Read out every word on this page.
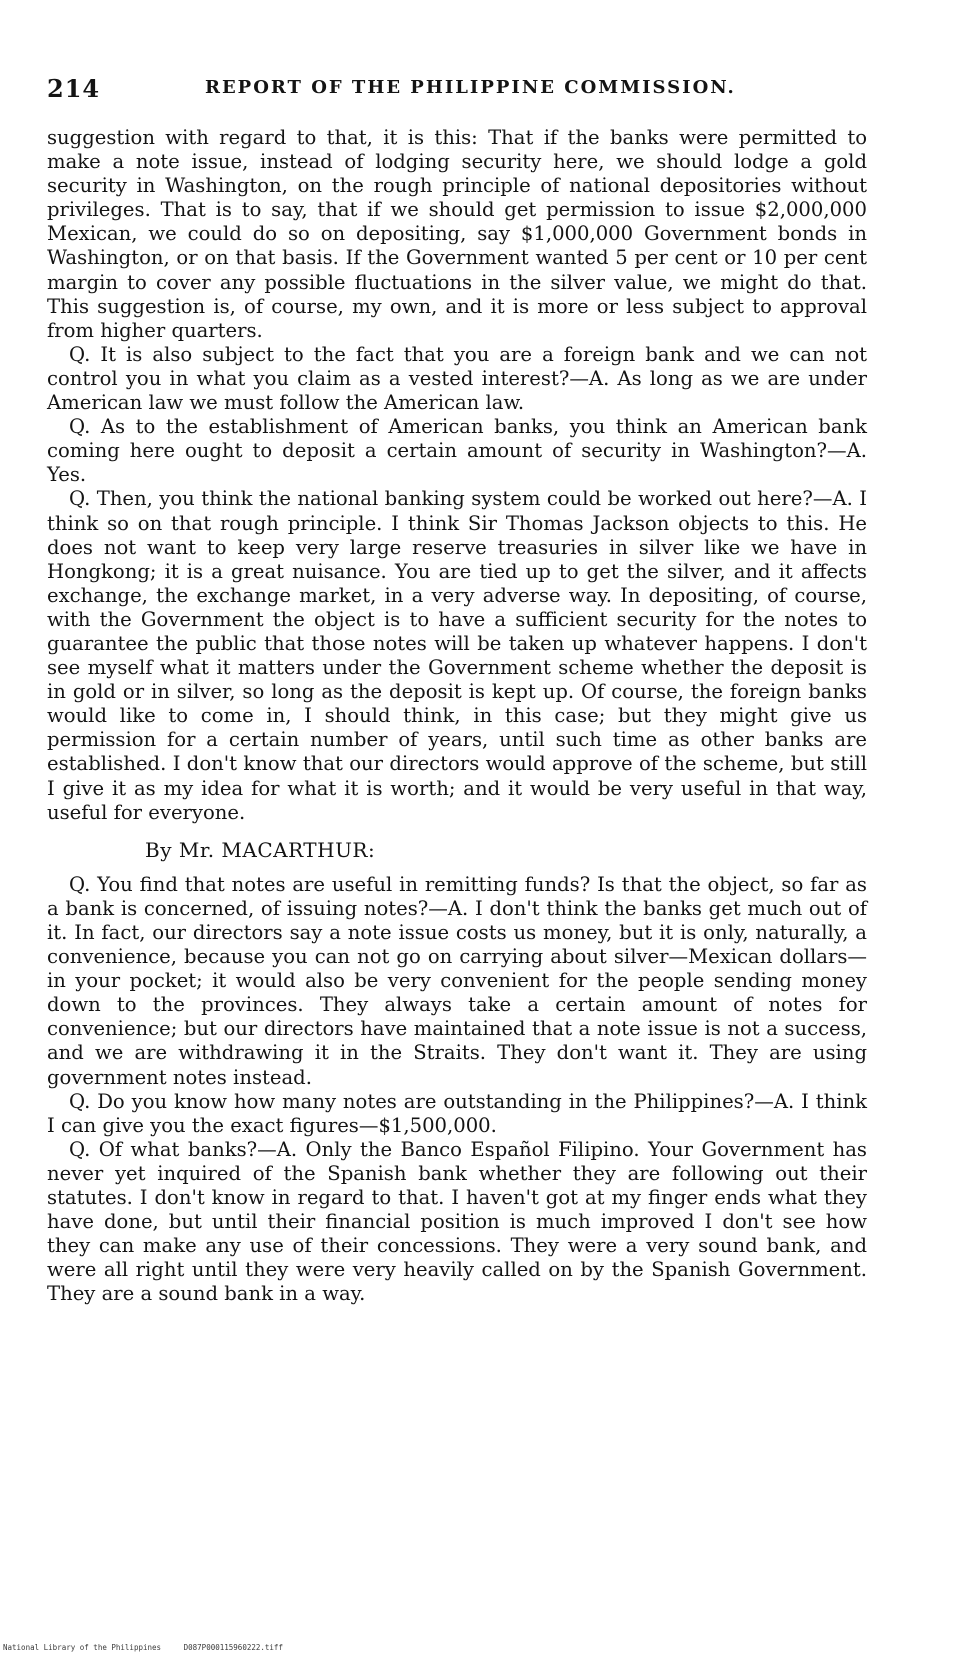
214	REPORT OF THE PHILIPPINE COMMISSION.

suggestion with regard to that, it is this: That if the banks were permitted to make a note issue, instead of lodging security here, we should lodge a gold security in Washington, on the rough principle of national depositories without privileges. That is to say, that if we should get permission to issue $2,000,000 Mexican, we could do so on depositing, say $1,000,000 Government bonds in Washington, or on that basis. If the Government wanted 5 per cent or 10 per cent margin to cover any possible fluctuations in the silver value, we might do that. This suggestion is, of course, my own, and it is more or less subject to approval from higher quarters.

Q. It is also subject to the fact that you are a foreign bank and we can not control you in what you claim as a vested interest?—A. As long as we are under American law we must follow the American law.

Q. As to the establishment of American banks, you think an American bank coming here ought to deposit a certain amount of security in Washington?—A. Yes.

Q. Then, you think the national banking system could be worked out here?—A. I think so on that rough principle. I think Sir Thomas Jackson objects to this. He does not want to keep very large reserve treasuries in silver like we have in Hongkong; it is a great nuisance. You are tied up to get the silver, and it affects exchange, the exchange market, in a very adverse way. In depositing, of course, with the Government the object is to have a sufficient security for the notes to guarantee the public that those notes will be taken up whatever happens. I don't see myself what it matters under the Government scheme whether the deposit is in gold or in silver, so long as the deposit is kept up. Of course, the foreign banks would like to come in, I should think, in this case; but they might give us permission for a certain number of years, until such time as other banks are established. I don't know that our directors would approve of the scheme, but still I give it as my idea for what it is worth; and it would be very useful in that way, useful for everyone.

By Mr. MACARTHUR:

Q. You find that notes are useful in remitting funds? Is that the object, so far as a bank is concerned, of issuing notes?—A. I don't think the banks get much out of it. In fact, our directors say a note issue costs us money, but it is only, naturally, a convenience, because you can not go on carrying about silver—Mexican dollars—in your pocket; it would also be very convenient for the people sending money down to the provinces. They always take a certain amount of notes for convenience; but our directors have maintained that a note issue is not a success, and we are withdrawing it in the Straits. They don't want it. They are using government notes instead.

Q. Do you know how many notes are outstanding in the Philippines?—A. I think I can give you the exact figures—$1,500,000.

Q. Of what banks?—A. Only the Banco Español Filipino. Your Government has never yet inquired of the Spanish bank whether they are following out their statutes. I don't know in regard to that. I haven't got at my finger ends what they have done, but until their financial position is much improved I don't see how they can make any use of their concessions. They were a very sound bank, and were all right until they were very heavily called on by the Spanish Government. They are a sound bank in a way.

National Library of the Philippines     D087P000115960222.tiff
